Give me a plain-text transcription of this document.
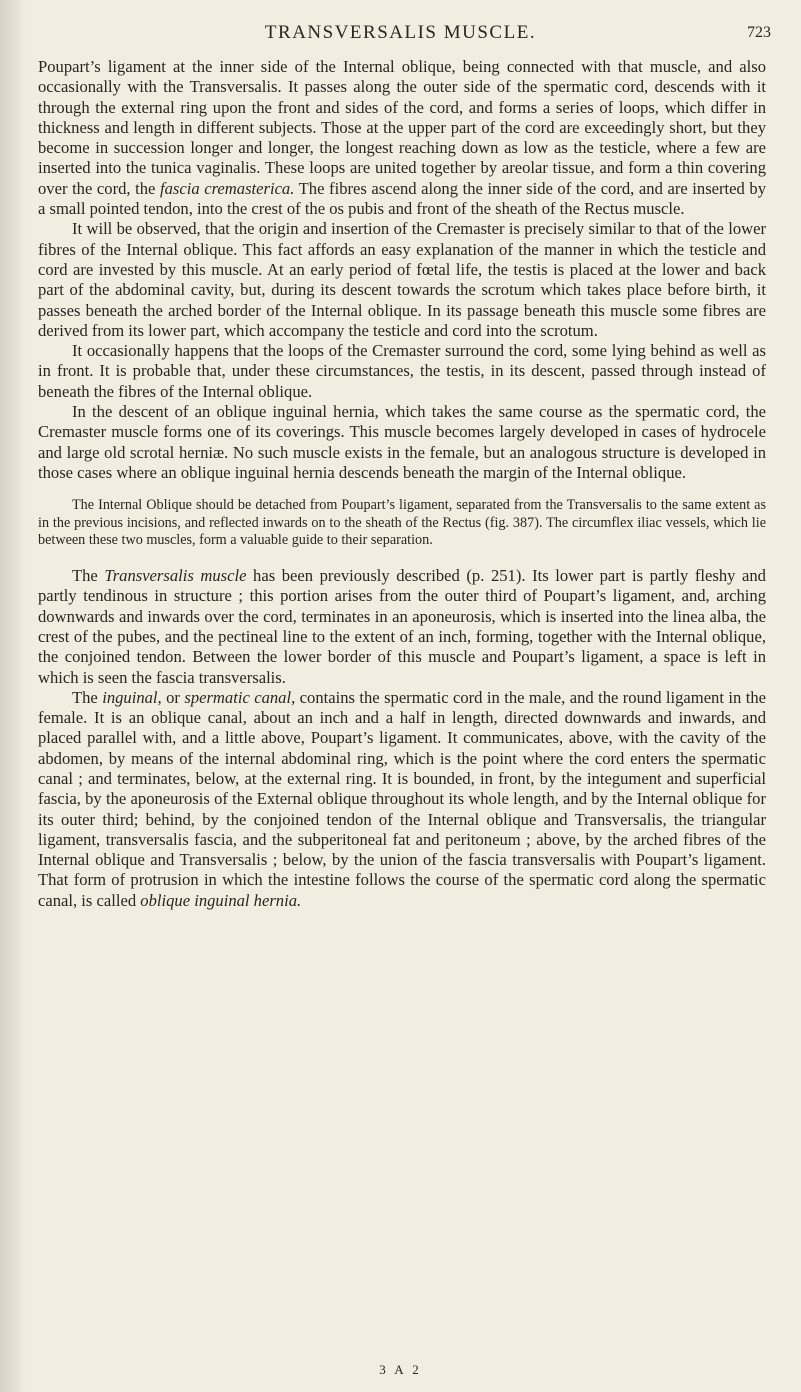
TRANSVERSALIS MUSCLE.	723

Poupart’s ligament at the inner side of the Internal oblique, being connected with that muscle, and also occasionally with the Transversalis. It passes along the outer side of the spermatic cord, descends with it through the external ring upon the front and sides of the cord, and forms a series of loops, which differ in thickness and length in different subjects. Those at the upper part of the cord are exceedingly short, but they become in succession longer and longer, the longest reaching down as low as the testicle, where a few are inserted into the tunica vaginalis. These loops are united together by areolar tissue, and form a thin covering over the cord, the fascia cremasterica. The fibres ascend along the inner side of the cord, and are inserted by a small pointed tendon, into the crest of the os pubis and front of the sheath of the Rectus muscle.

It will be observed, that the origin and insertion of the Cremaster is precisely similar to that of the lower fibres of the Internal oblique. This fact affords an easy explanation of the manner in which the testicle and cord are invested by this muscle. At an early period of fœtal life, the testis is placed at the lower and back part of the abdominal cavity, but, during its descent towards the scrotum which takes place before birth, it passes beneath the arched border of the Internal oblique. In its passage beneath this muscle some fibres are derived from its lower part, which accompany the testicle and cord into the scrotum.

It occasionally happens that the loops of the Cremaster surround the cord, some lying behind as well as in front. It is probable that, under these circumstances, the testis, in its descent, passed through instead of beneath the fibres of the Internal oblique.

In the descent of an oblique inguinal hernia, which takes the same course as the spermatic cord, the Cremaster muscle forms one of its coverings. This muscle becomes largely developed in cases of hydrocele and large old scrotal herniæ. No such muscle exists in the female, but an analogous structure is developed in those cases where an oblique inguinal hernia descends beneath the margin of the Internal oblique.

The Internal Oblique should be detached from Poupart’s ligament, separated from the Transversalis to the same extent as in the previous incisions, and reflected inwards on to the sheath of the Rectus (fig. 387). The circumflex iliac vessels, which lie between these two muscles, form a valuable guide to their separation.

The Transversalis muscle has been previously described (p. 251). Its lower part is partly fleshy and partly tendinous in structure ; this portion arises from the outer third of Poupart’s ligament, and, arching downwards and inwards over the cord, terminates in an aponeurosis, which is inserted into the linea alba, the crest of the pubes, and the pectineal line to the extent of an inch, forming, together with the Internal oblique, the conjoined tendon. Between the lower border of this muscle and Poupart’s ligament, a space is left in which is seen the fascia transversalis.

The inguinal, or spermatic canal, contains the spermatic cord in the male, and the round ligament in the female. It is an oblique canal, about an inch and a half in length, directed downwards and inwards, and placed parallel with, and a little above, Poupart’s ligament. It communicates, above, with the cavity of the abdomen, by means of the internal abdominal ring, which is the point where the cord enters the spermatic canal ; and terminates, below, at the external ring. It is bounded, in front, by the integument and superficial fascia, by the aponeurosis of the External oblique throughout its whole length, and by the Internal oblique for its outer third; behind, by the conjoined tendon of the Internal oblique and Transversalis, the triangular ligament, transversalis fascia, and the subperitoneal fat and peritoneum ; above, by the arched fibres of the Internal oblique and Transversalis ; below, by the union of the fascia transversalis with Poupart’s ligament. That form of protrusion in which the intestine follows the course of the spermatic cord along the spermatic canal, is called oblique inguinal hernia.

3 A 2
